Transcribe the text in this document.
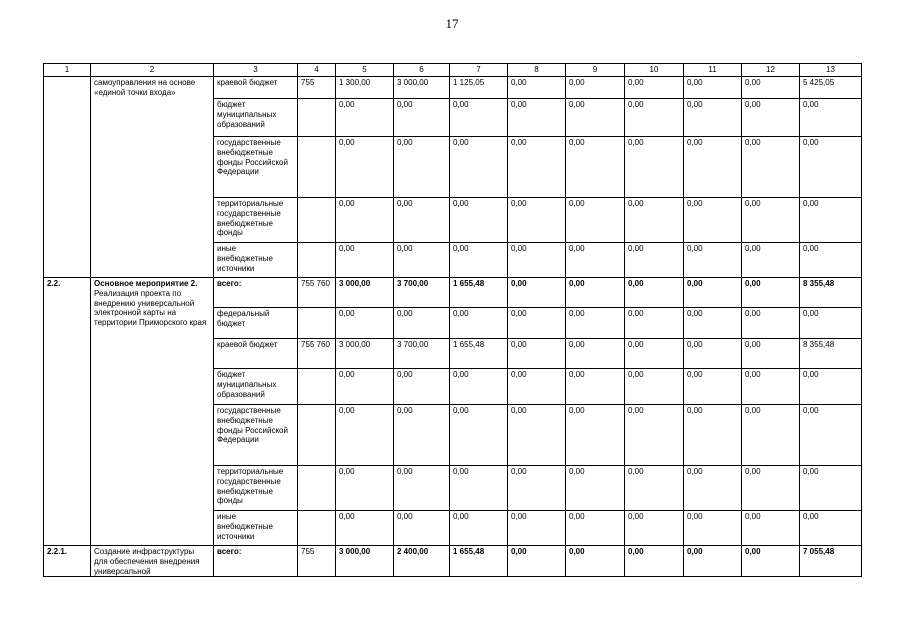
17
1	2	3	4	5	6	7	8	9	10	11	12	13
	самоуправления на основе «единой точки входа»	краевой бюджет	755	1 300,00	3 000,00	1 125,05	0,00	0,00	0,00	0,00	0,00	5 425,05
		бюджет муниципальных образований		0,00	0,00	0,00	0,00	0,00	0,00	0,00	0,00	0,00
		государственные внебюджетные фонды Российской Федерации		0,00	0,00	0,00	0,00	0,00	0,00	0,00	0,00	0,00
		территориальные государственные внебюджетные фонды		0,00	0,00	0,00	0,00	0,00	0,00	0,00	0,00	0,00
		иные внебюджетные источники		0,00	0,00	0,00	0,00	0,00	0,00	0,00	0,00	0,00
2.2.	Основное мероприятие 2. Реализация проекта по внедрению универсальной электронной карты на территории Приморского края	всего:	755 760	3 000,00	3 700,00	1 655,48	0,00	0,00	0,00	0,00	0,00	8 355,48
		федеральный бюджет		0,00	0,00	0,00	0,00	0,00	0,00	0,00	0,00	0,00
		краевой бюджет	755 760	3 000,00	3 700,00	1 655,48	0,00	0,00	0,00	0,00	0,00	8 355,48
		бюджет муниципальных образований		0,00	0,00	0,00	0,00	0,00	0,00	0,00	0,00	0,00
		государственные внебюджетные фонды Российской Федерации		0,00	0,00	0,00	0,00	0,00	0,00	0,00	0,00	0,00
		территориальные государственные внебюджетные фонды		0,00	0,00	0,00	0,00	0,00	0,00	0,00	0,00	0,00
		иные внебюджетные источники		0,00	0,00	0,00	0,00	0,00	0,00	0,00	0,00	0,00
2.2.1.	Создание инфраструктуры для обеспечения внедрения универсальной	всего:	755	3 000,00	2 400,00	1 655,48	0,00	0,00	0,00	0,00	0,00	7 055,48
